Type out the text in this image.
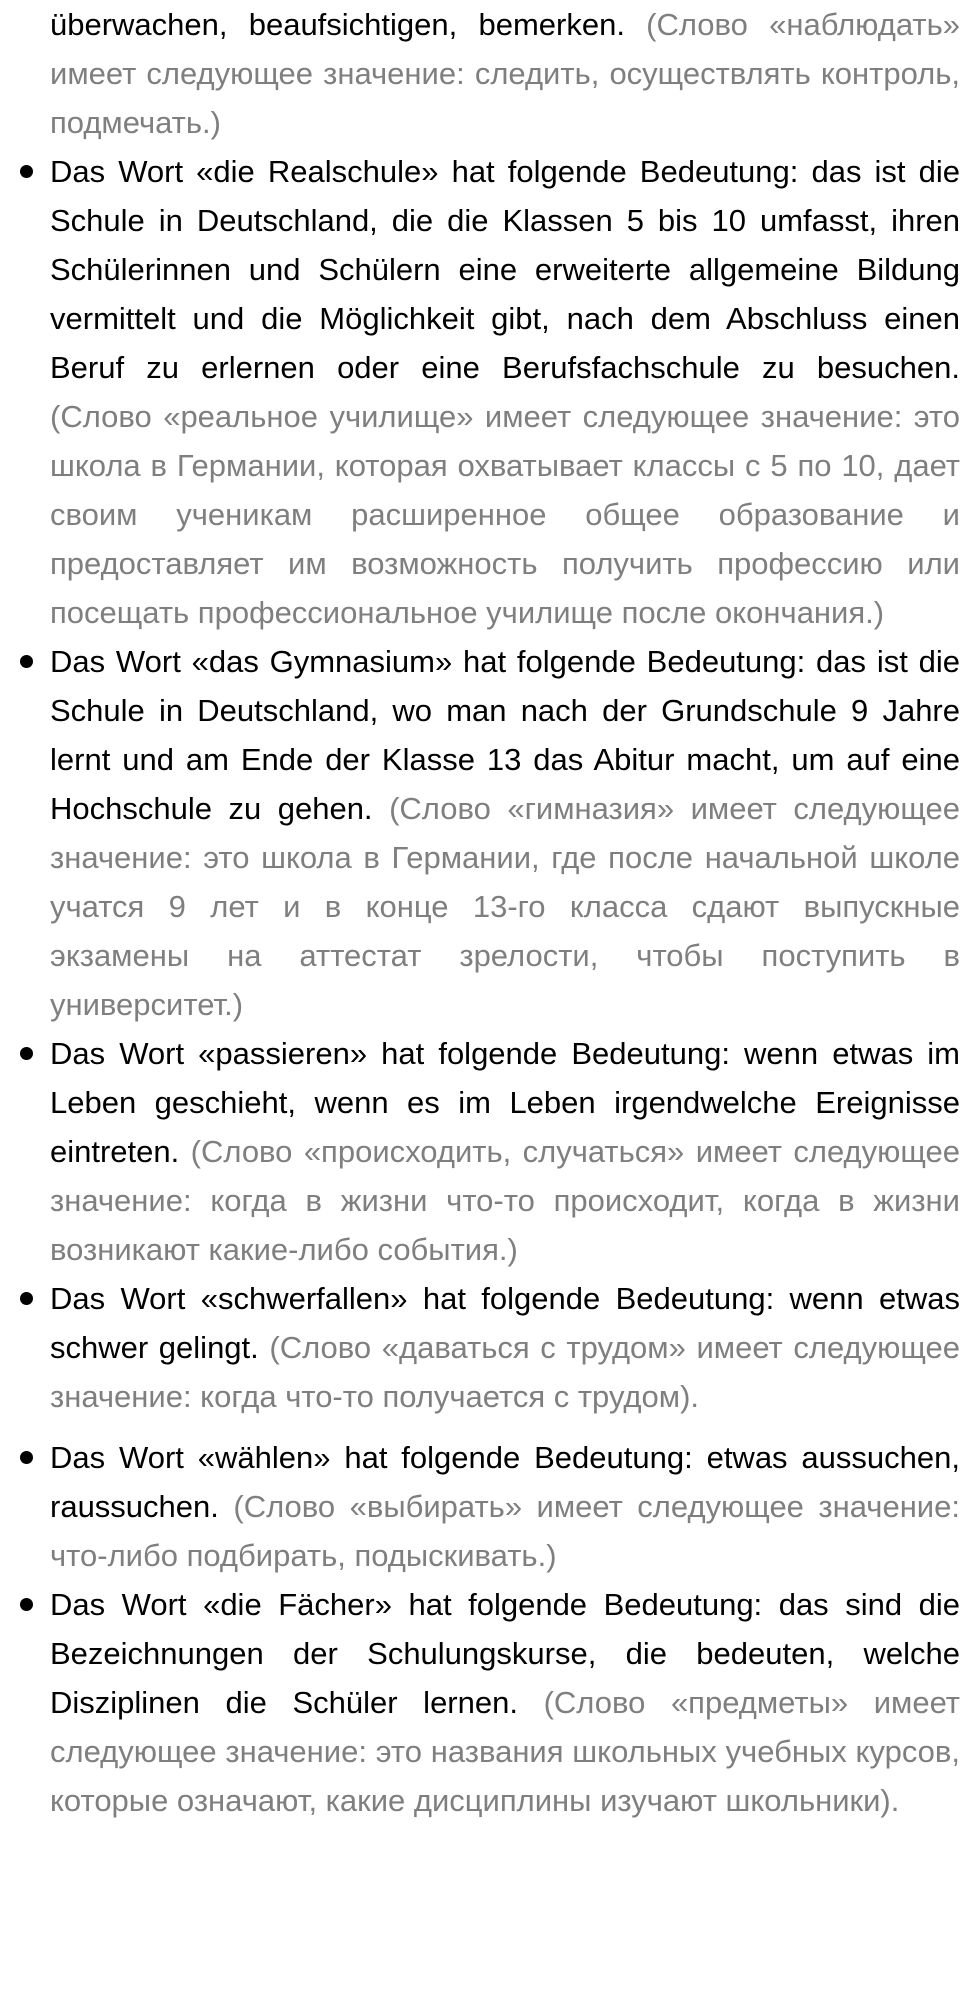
überwachen, beaufsichtigen, bemerken. (Слово «наблюдать» имеет следующее значение: следить, осуществлять контроль, подмечать.)

Das Wort «die Realschule» hat folgende Bedeutung: das ist die Schule in Deutschland, die die Klassen 5 bis 10 umfasst, ihren Schülerinnen und Schülern eine erweiterte allgemeine Bildung vermittelt und die Möglichkeit gibt, nach dem Abschluss einen Beruf zu erlernen oder eine Berufsfachschule zu besuchen. (Слово «реальное училище» имеет следующее значение: это школа в Германии, которая охватывает классы с 5 по 10, дает своим ученикам расширенное общее образование и предоставляет им возможность получить профессию или посещать профессиональное училище после окончания.)
Das Wort «das Gymnasium» hat folgende Bedeutung: das ist die Schule in Deutschland, wo man nach der Grundschule 9 Jahre lernt und am Ende der Klasse 13 das Abitur macht, um auf eine Hochschule zu gehen. (Слово «гимназия» имеет следующее значение: это школа в Германии, где после начальной школе учатся 9 лет и в конце 13-го класса сдают выпускные экзамены на аттестат зрелости, чтобы поступить в университет.)
Das Wort «passieren» hat folgende Bedeutung: wenn etwas im Leben geschieht, wenn es im Leben irgendwelche Ereignisse eintreten. (Слово «происходить, случаться» имеет следующее значение: когда в жизни что-то происходит, когда в жизни возникают какие-либо события.)
Das Wort «schwerfallen» hat folgende Bedeutung: wenn etwas schwer gelingt. (Слово «даваться с трудом» имеет следующее значение: когда что-то получается с трудом).
Das Wort «wählen» hat folgende Bedeutung: etwas aussuchen, raussuchen. (Слово «выбирать» имеет следующее значение: что-либо подбирать, подыскивать.)
Das Wort «die Fächer» hat folgende Bedeutung: das sind die Bezeichnungen der Schulungskurse, die bedeuten, welche Disziplinen die Schüler lernen. (Слово «предметы» имеет следующее значение: это названия школьных учебных курсов, которые означают, какие дисциплины изучают школьники).
